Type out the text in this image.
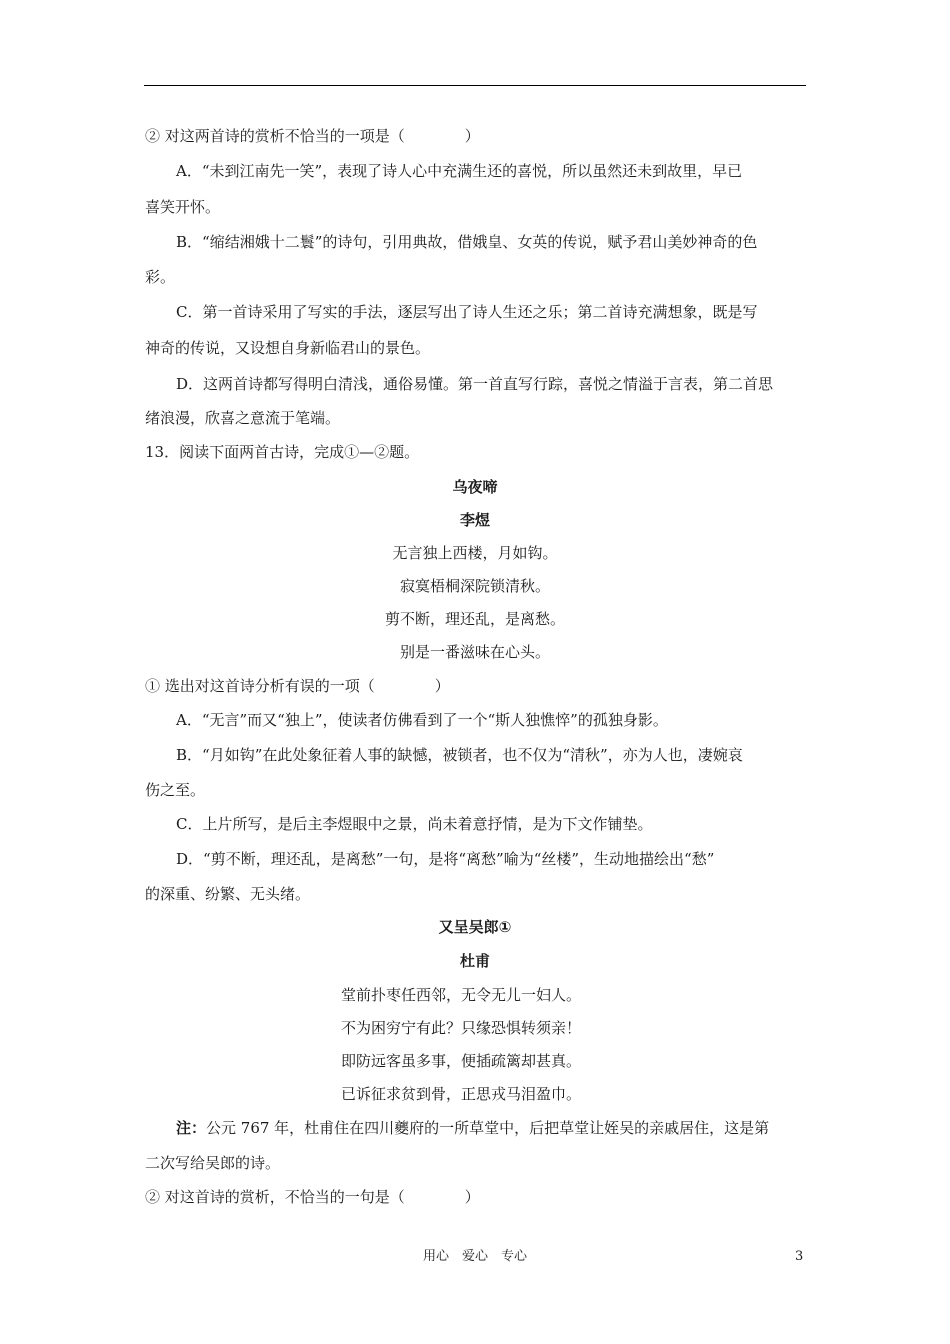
② 对这两首诗的赏析不恰当的一项是（　　　　）
A．“未到江南先一笑”，表现了诗人心中充满生还的喜悦，所以虽然还未到故里，早已
喜笑开怀。
B．“缩结湘娥十二鬟”的诗句，引用典故，借娥皇、女英的传说，赋予君山美妙神奇的色
彩。
C．第一首诗采用了写实的手法，逐层写出了诗人生还之乐；第二首诗充满想象，既是写
神奇的传说，又设想自身新临君山的景色。
D．这两首诗都写得明白清浅，通俗易懂。第一首直写行踪，喜悦之情溢于言表，第二首思
绪浪漫，欣喜之意流于笔端。
13．阅读下面两首古诗，完成①—②题。
乌夜啼
李煜
无言独上西楼，月如钩。
寂寞梧桐深院锁清秋。
剪不断，理还乱，是离愁。
别是一番滋味在心头。
① 选出对这首诗分析有误的一项（　　　　）
A．“无言”而又“独上”，使读者仿佛看到了一个“斯人独憔悴”的孤独身影。
B．“月如钩”在此处象征着人事的缺憾，被锁者，也不仅为“清秋”，亦为人也，凄婉哀
伤之至。
C．上片所写，是后主李煜眼中之景，尚未着意抒情，是为下文作铺垫。
D．“剪不断，理还乱，是离愁”一句，是将“离愁”喻为“丝楼”，生动地描绘出“愁”
的深重、纷繁、无头绪。
又呈吴郎①
杜甫
堂前扑枣任西邻，无令无儿一妇人。
不为困穷宁有此？只缘恐惧转须亲！
即防远客虽多事，便插疏篱却甚真。
已诉征求贫到骨，正思戎马泪盈巾。
注：公元 767 年，杜甫住在四川夔府的一所草堂中，后把草堂让姪吴的亲戚居住，这是第
二次写给吴郎的诗。
② 对这首诗的赏析，不恰当的一句是（　　　　）
用心　爱心　专心	3
